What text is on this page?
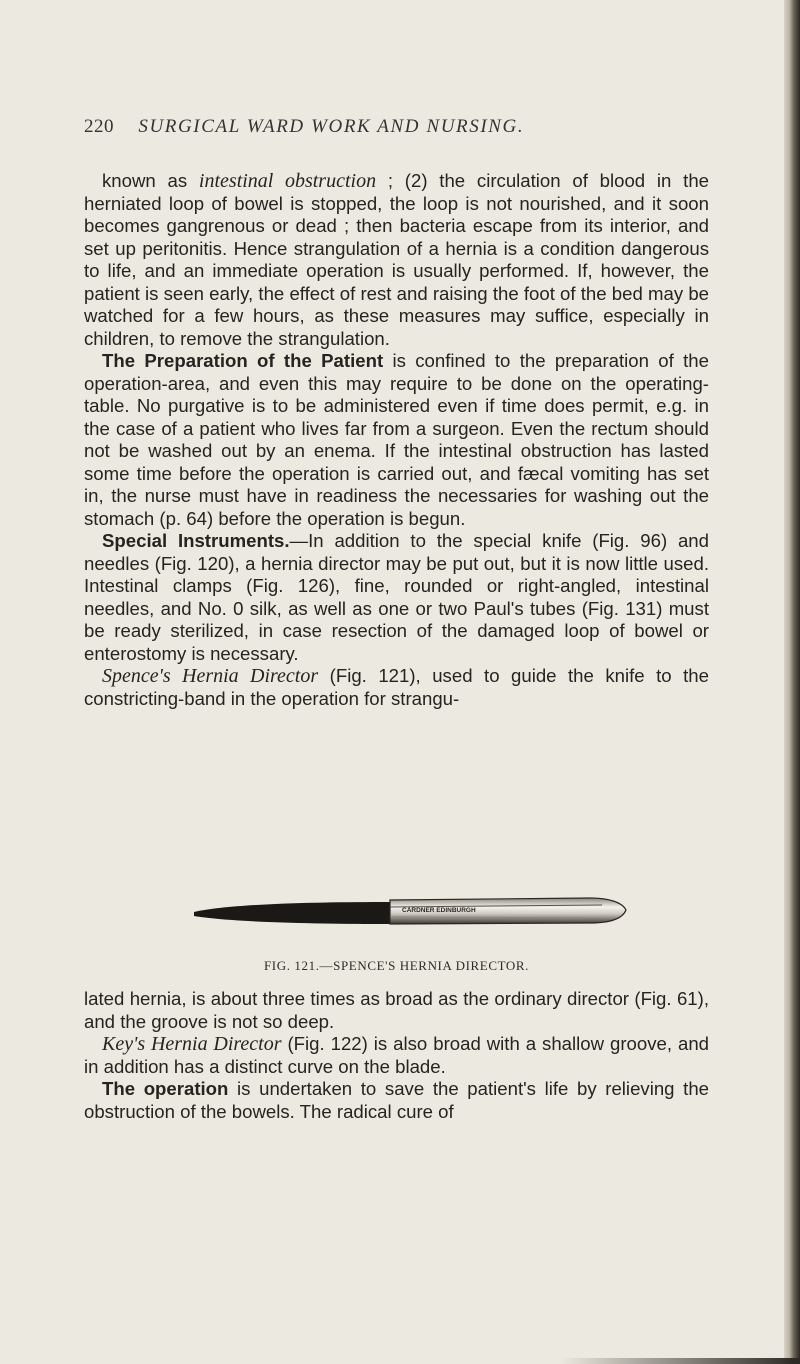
220 SURGICAL WARD WORK AND NURSING.

known as intestinal obstruction ; (2) the circulation of blood in the herniated loop of bowel is stopped, the loop is not nourished, and it soon becomes gangrenous or dead ; then bacteria escape from its interior, and set up peritonitis. Hence strangulation of a hernia is a condition dangerous to life, and an immediate operation is usually performed. If, however, the patient is seen early, the effect of rest and raising the foot of the bed may be watched for a few hours, as these measures may suffice, especially in children, to remove the strangulation.

The Preparation of the Patient is confined to the preparation of the operation-area, and even this may require to be done on the operating-table. No purgative is to be administered even if time does permit, e.g. in the case of a patient who lives far from a surgeon. Even the rectum should not be washed out by an enema. If the intestinal obstruction has lasted some time before the operation is carried out, and fæcal vomiting has set in, the nurse must have in readiness the necessaries for washing out the stomach (p. 64) before the operation is begun.

Special Instruments.—In addition to the special knife (Fig. 96) and needles (Fig. 120), a hernia director may be put out, but it is now little used. Intestinal clamps (Fig. 126), fine, rounded or right-angled, intestinal needles, and No. 0 silk, as well as one or two Paul's tubes (Fig. 131) must be ready sterilized, in case resection of the damaged loop of bowel or enterostomy is necessary.

Spence's Hernia Director (Fig. 121), used to guide the knife to the constricting-band in the operation for strangu-

CARDNER EDINBURGH
FIG. 121.—SPENCE'S HERNIA DIRECTOR.

lated hernia, is about three times as broad as the ordinary director (Fig. 61), and the groove is not so deep.

Key's Hernia Director (Fig. 122) is also broad with a shallow groove, and in addition has a distinct curve on the blade.

The operation is undertaken to save the patient's life by relieving the obstruction of the bowels. The radical cure of
